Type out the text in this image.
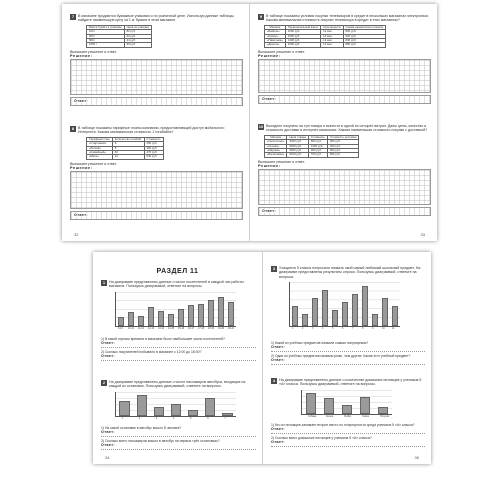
7	В магазине продаются бумажные упаковки и по розничной цене. Используя данные таблицы, найдите наименьшую цену за 1 кг бумаги в этом магазине.
Масса бумаги в упаковке	Цена за упаковку
100 г	80 руб.
200 г	62 руб.
500 г	41 руб.
1000 г	66 руб.
Выпишите решение и ответ.
Решение:
Ответ:
8	В таблице показаны тарифные планы компании, предоставляющей доступ мобильного Интернета. Какова минимальная стоимость 1 гигабайта?
Тарифный план	Количество гигабайт	Стоимость
«Стартовый»	8	260 руб.
«Легкий»	8	300 руб.
«Семейный»	40	470 руб.
«Мега»	14	640 руб.
Выпишите решение и ответ.
Решение:
Ответ:
32
9	В таблице показаны условия покупки телевизоров в кредит в нескольких магазинах электроники. Какова минимальная стоимость покупки телевизора в кредит в этих магазинах?
Магазин	Первоначальный взнос	Срок кредита	Сумма ежемесячного взноса
«Байрон»	1000 руб.	12 мес.	800 руб.
«Кумир»	1500 руб.	12 мес.	920 руб.
«Памятник»	1400 руб.	12 мес.	830 руб.
«Дорога»	1000 руб.	12 мес.	880 руб.
Выпишите решение и ответ.
Решение:
Ответ:
10 Выгоднее покупать на три товара и вынести в одной из четырёх витрин. Даны цены, качество и стоимость доставки в интернет-магазинах. Какова наименьшая стоимость покупки с доставкой?
Магазин	Цена товара	Стоимость	Стоимость доставки
«Чиполлино»	9400 руб.	800 руб.	900 руб.
«Огонёк»	9200 руб.	1000 руб.	200 руб.
«Ивушка»	9600 руб.	900 руб.	500 руб.
«Балалайка»	9100 руб.	700 руб.	800 руб.
Выпишите решение и ответ.
Решение:
Ответ:
33
РАЗДЕЛ 11
1	На диаграмме представлены данные о числе посетителей в каждый час работы магазина. Пользуясь диаграммой, ответьте на вопросы.
9-10 10-11 11-12 12-13 13-14 14-15 15-16 16-17 17-18 18-19 19-20 20-21
1) В какой отрезок времени в магазине было наибольшее число посетителей?
Ответ:
2) Сколько покупателей побывало в магазине с 12:00 до 18:00?
Ответ:
2	На диаграмме представлены данные о числе пассажиров автобуса, входящих на каждой из остановок. Пользуясь диаграммой, ответьте на вопросы.
1	2	3	4	5	6	7
1) На какой остановке в автобус вошло 8 человек?
Ответ:
2) Сколько всего пассажиров вошло в автобус на первых трёх остановках?
Ответ:
34
3	Учащиеся 5 класса попросили назвать свой самый любимый школьный предмет. На диаграмме представлены результаты опроса. Пользуясь диаграммой, ответьте на вопросы.
1	2	3	4	5	6	7	8	9	10	11
1) Какой из учебных предметов назвали самым популярным?
Ответ:
2) Один из учебных предметов назвали реже, чем другие. Каков этот учебный предмет?
Ответ:
4	На диаграмме представлены данные о количестве домашних питомцев у учеников 5 «А» класса. Пользуясь диаграммой, ответьте на вопросы.
Собака	Кошка	Рыбки	Хомяк	Попугай
1) Кто из питомцев занимает второе место по популярности среди учеников 5 «А» класса?
Ответ:
2) Сколько всего домашних питомцев у учеников 5 «А» класса?
Ответ:
35
